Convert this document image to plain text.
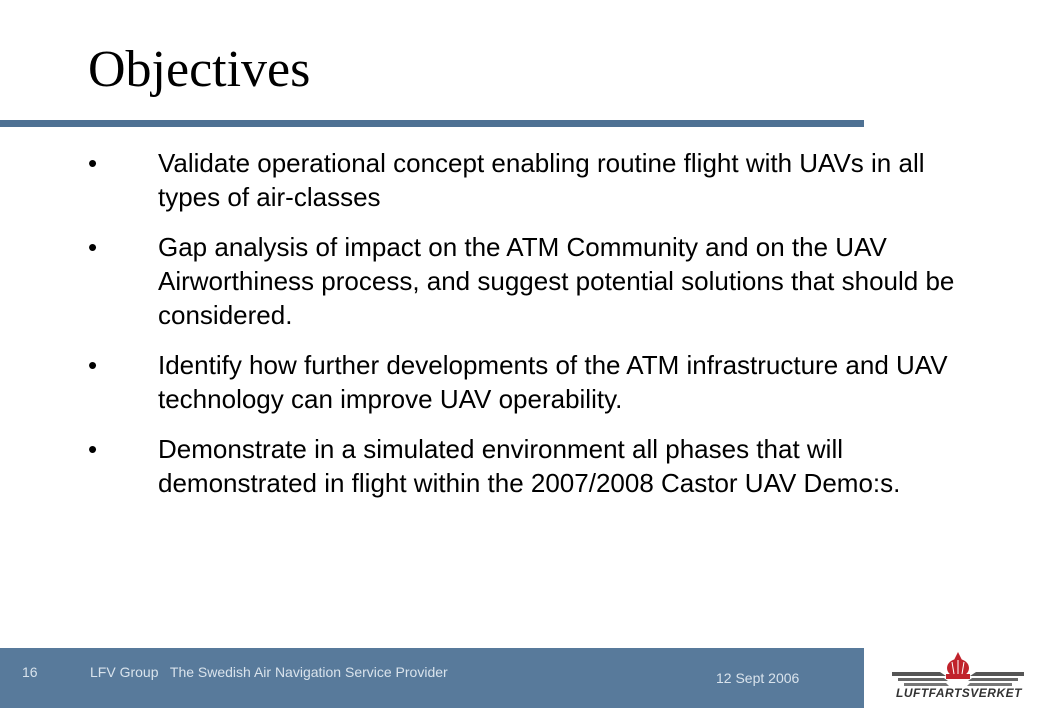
Objectives
•	Validate operational concept enabling routine flight with UAVs in all types of air-classes
•	Gap analysis of impact on the ATM Community and on the UAV Airworthiness process, and suggest potential solutions that should be considered.
•	Identify how further developments of the ATM infrastructure and UAV technology can improve UAV operability.
•	Demonstrate in a simulated environment all phases that will demonstrated in flight within the 2007/2008 Castor UAV Demo:s.
16	LFV Group   The Swedish Air Navigation Service Provider	12 Sept 2006
LUFTFARTSVERKET
